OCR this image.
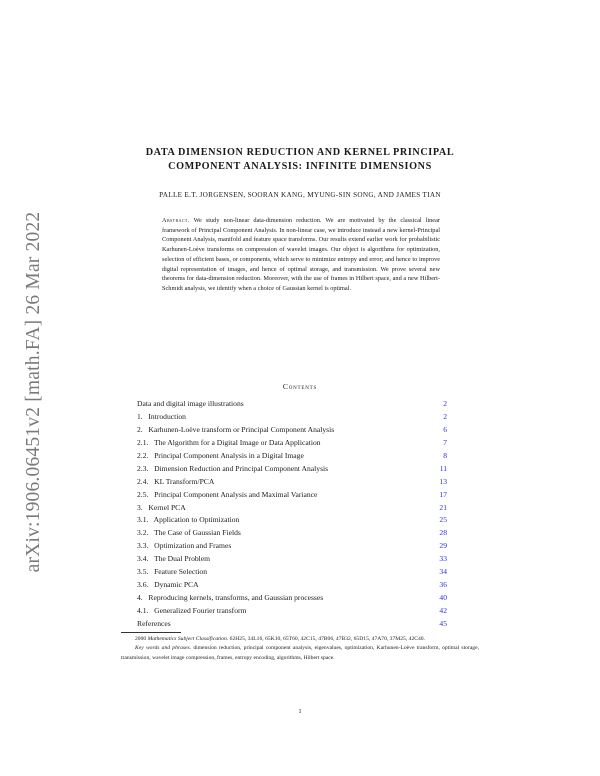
arXiv:1906.06451v2 [math.FA] 26 Mar 2022
DATA DIMENSION REDUCTION AND KERNEL PRINCIPAL
COMPONENT ANALYSIS: INFINITE DIMENSIONS
PALLE E.T. JORGENSEN, SOORAN KANG, MYUNG-SIN SONG, AND JAMES TIAN
Abstract. We study non-linear data-dimension reduction. We are motivated by the classical linear framework of Principal Component Analysis. In non-linear case, we introduce instead a new kernel-Principal Component Analysis, manifold and feature space transforms. Our results extend earlier work for probabilistic Karhunen-Loève transforms on compression of wavelet images. Our object is algorithms for optimization, selection of efficient bases, or components, which serve to minimize entropy and error; and hence to improve digital representation of images, and hence of optimal storage, and transmission. We prove several new theorems for data-dimension reduction. Moreover, with the use of frames in Hilbert space, and a new Hilbert-Schmidt analysis, we identify when a choice of Gaussian kernel is optimal.
Contents
Data and digital image illustrations	2
1.   Introduction	2
2.   Karhunen-Loève transform or Principal Component Analysis	6
2.1.   The Algorithm for a Digital Image or Data Application	7
2.2.   Principal Component Analysis in a Digital Image	8
2.3.   Dimension Reduction and Principal Component Analysis	11
2.4.   KL Transform/PCA	13
2.5.   Principal Component Analysis and Maximal Variance	17
3.   Kernel PCA	21
3.1.   Application to Optimization	25
3.2.   The Case of Gaussian Fields	28
3.3.   Optimization and Frames	29
3.4.   The Dual Problem	33
3.5.   Feature Selection	34
3.6.   Dynamic PCA	36
4.   Reproducing kernels, transforms, and Gaussian processes	40
4.1.   Generalized Fourier transform	42
References	45
2000 Mathematics Subject Classification. 62H25, 34L16, 65K10, 65T60, 42C15, 47B06, 47B32, 65D15, 47A70, 37M25, 42C40.
Key words and phrases. dimension reduction, principal component analysis, eigenvalues, optimization, Karhunen-Loève transform, optimal storage, transmission, wavelet image compression, frames, entropy encoding, algorithms, Hilbert space.
1
